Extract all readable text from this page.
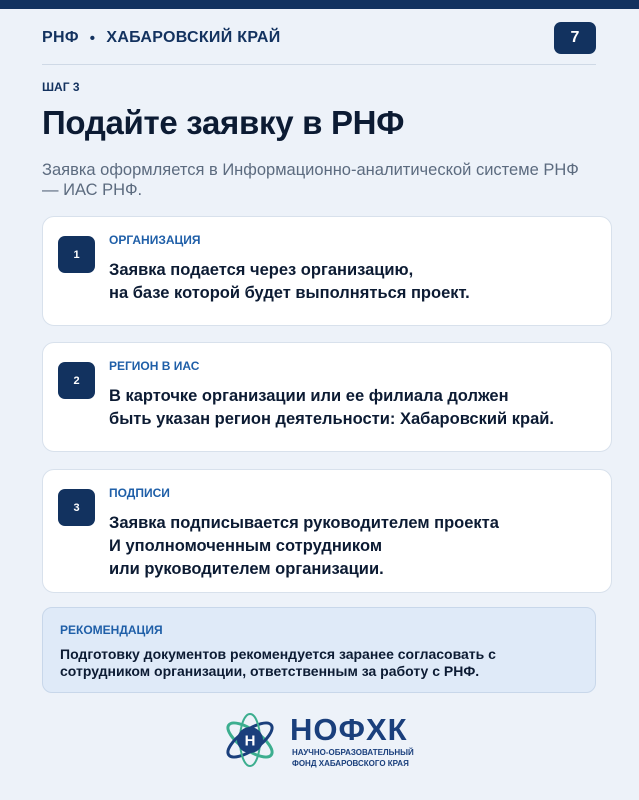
РНФ • ХАБАРОВСКИЙ КРАЙ	7
ШАГ 3
Подайте заявку в РНФ

Заявка оформляется в Информационно-аналитической системе РНФ — ИАС РНФ.

1
ОРГАНИЗАЦИЯ
Заявка подается через организацию,
на базе которой будет выполняться проект.
2
РЕГИОН В ИАС
В карточке организации или ее филиала должен
быть указан регион деятельности: Хабаровский край.
3
ПОДПИСИ
Заявка подписывается руководителем проекта
И уполномоченным сотрудником
или руководителем организации.
РЕКОМЕНДАЦИЯ
Подготовку документов рекомендуется заранее согласовать с
сотрудником организации, ответственным за работу с РНФ.
Н НОФХК
НАУЧНО-ОБРАЗОВАТЕЛЬНЫЙ
ФОНД ХАБАРОВСКОГО КРАЯ
